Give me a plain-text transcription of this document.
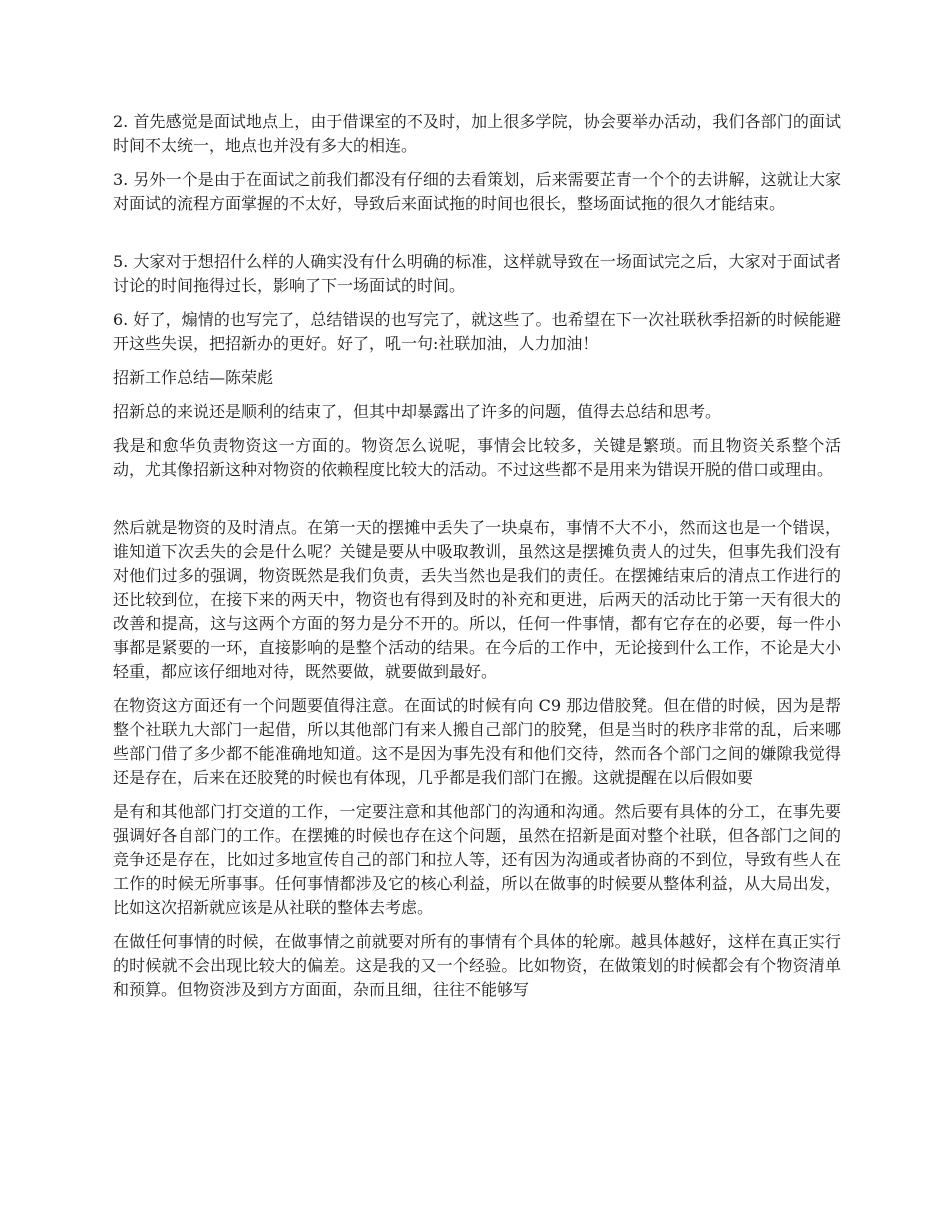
2. 首先感觉是面试地点上，由于借课室的不及时，加上很多学院，协会要举办活动，我们各部门的面试时间不太统一，地点也并没有多大的相连。

3. 另外一个是由于在面试之前我们都没有仔细的去看策划，后来需要芷青一个个的去讲解，这就让大家对面试的流程方面掌握的不太好，导致后来面试拖的时间也很长，整场面试拖的很久才能结束。

5. 大家对于想招什么样的人确实没有什么明确的标准，这样就导致在一场面试完之后，大家对于面试者讨论的时间拖得过长，影响了下一场面试的时间。

6. 好了，煽情的也写完了，总结错误的也写完了，就这些了。也希望在下一次社联秋季招新的时候能避开这些失误，把招新办的更好。好了，吼一句:社联加油，人力加油！

招新工作总结—陈荣彪

招新总的来说还是顺利的结束了，但其中却暴露出了许多的问题，值得去总结和思考。

我是和愈华负责物资这一方面的。物资怎么说呢，事情会比较多，关键是繁琐。而且物资关系整个活动，尤其像招新这种对物资的依赖程度比较大的活动。不过这些都不是用来为错误开脱的借口或理由。

然后就是物资的及时清点。在第一天的摆摊中丢失了一块桌布，事情不大不小，然而这也是一个错误，谁知道下次丢失的会是什么呢？关键是要从中吸取教训，虽然这是摆摊负责人的过失，但事先我们没有对他们过多的强调，物资既然是我们负责，丢失当然也是我们的责任。在摆摊结束后的清点工作进行的还比较到位，在接下来的两天中，物资也有得到及时的补充和更进，后两天的活动比于第一天有很大的改善和提高，这与这两个方面的努力是分不开的。所以，任何一件事情，都有它存在的必要，每一件小事都是紧要的一环，直接影响的是整个活动的结果。在今后的工作中，无论接到什么工作，不论是大小轻重，都应该仔细地对待，既然要做，就要做到最好。

在物资这方面还有一个问题要值得注意。在面试的时候有向 C9 那边借胶凳。但在借的时候，因为是帮整个社联九大部门一起借，所以其他部门有来人搬自己部门的胶凳，但是当时的秩序非常的乱，后来哪些部门借了多少都不能准确地知道。这不是因为事先没有和他们交待，然而各个部门之间的嫌隙我觉得还是存在，后来在还胶凳的时候也有体现，几乎都是我们部门在搬。这就提醒在以后假如要

是有和其他部门打交道的工作，一定要注意和其他部门的沟通和沟通。然后要有具体的分工，在事先要强调好各自部门的工作。在摆摊的时候也存在这个问题，虽然在招新是面对整个社联，但各部门之间的竞争还是存在，比如过多地宣传自己的部门和拉人等，还有因为沟通或者协商的不到位，导致有些人在工作的时候无所事事。任何事情都涉及它的核心利益，所以在做事的时候要从整体利益，从大局出发，比如这次招新就应该是从社联的整体去考虑。

在做任何事情的时候，在做事情之前就要对所有的事情有个具体的轮廓。越具体越好，这样在真正实行的时候就不会出现比较大的偏差。这是我的又一个经验。比如物资，在做策划的时候都会有个物资清单和预算。但物资涉及到方方面面，杂而且细，往往不能够写
